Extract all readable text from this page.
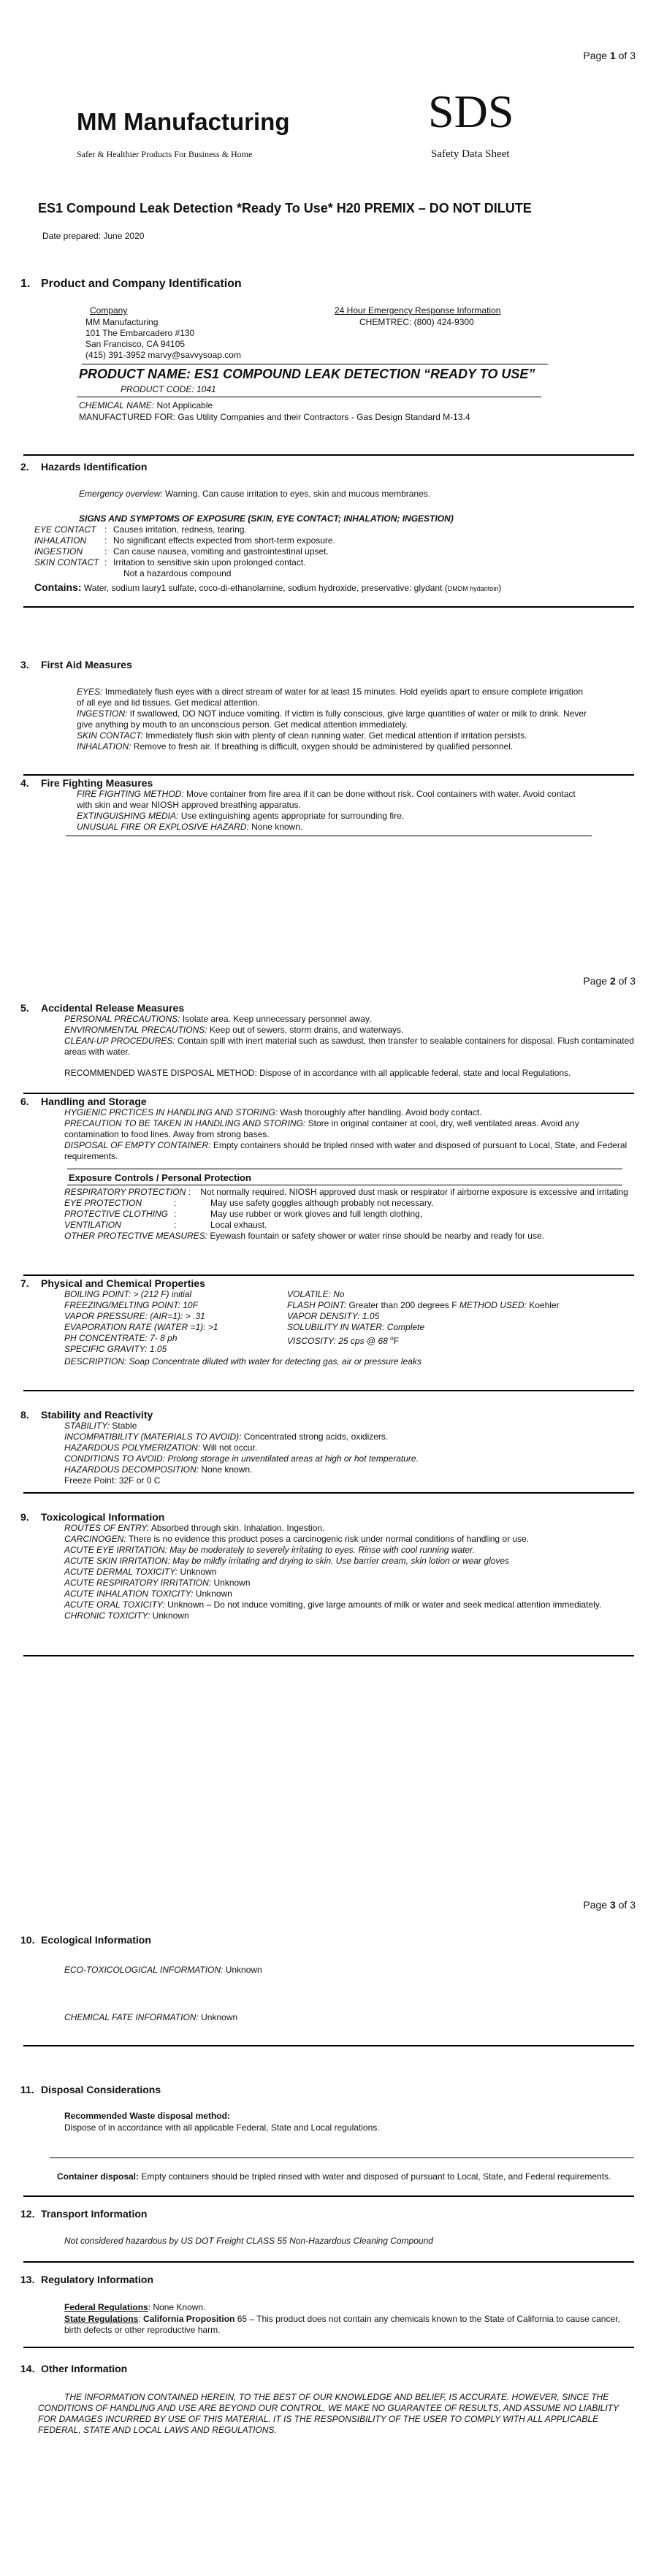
Page 1 of 3
MM Manufacturing
Safer & Healthier Products For Business & Home
SDS
Safety Data Sheet
ES1 Compound Leak Detection *Ready To Use* H20 PREMIX – DO NOT DILUTE
Date prepared: June 2020
1. Product and Company Identification
Company
MM Manufacturing
101 The Embarcadero #130
San Francisco, CA 94105
(415) 391-3952 marvy@savvysoap.com
24 Hour Emergency Response Information
CHEMTREC: (800) 424-9300
PRODUCT NAME: ES1 COMPOUND LEAK DETECTION “READY TO USE”
PRODUCT CODE: 1041
CHEMICAL NAME: Not Applicable
MANUFACTURED FOR: Gas Utility Companies and their Contractors - Gas Design Standard M-13.4
2. Hazards Identification
Emergency overview: Warning. Can cause irritation to eyes, skin and mucous membranes.
SIGNS AND SYMPTOMS OF EXPOSURE (SKIN, EYE CONTACT; INHALATION; INGESTION)
EYE CONTACT : Causes irritation, redness, tearing.
INHALATION : No significant effects expected from short-term exposure.
INGESTION : Can cause nausea, vomiting and gastrointestinal upset.
SKIN CONTACT : Irritation to sensitive skin upon prolonged contact.
Not a hazardous compound
Contains: Water, sodium laury1 sulfate, coco-di-ethanolamine, sodium hydroxide, preservative: glydant (DMDM hydantoin)
3. First Aid Measures
EYES: Immediately flush eyes with a direct stream of water for at least 15 minutes. Hold eyelids apart to ensure complete irrigation of all eye and lid tissues. Get medical attention.
INGESTION: If swallowed, DO NOT induce vomiting. If victim is fully conscious, give large quantities of water or milk to drink. Never give anything by mouth to an unconscious person. Get medical attention immediately.
SKIN CONTACT: Immediately flush skin with plenty of clean running water. Get medical attention if irritation persists.
INHALATION: Remove to fresh air. If breathing is difficult, oxygen should be administered by qualified personnel.
4. Fire Fighting Measures
FIRE FIGHTING METHOD: Move container from fire area if it can be done without risk. Cool containers with water. Avoid contact with skin and wear NIOSH approved breathing apparatus.
EXTINGUISHING MEDIA: Use extinguishing agents appropriate for surrounding fire.
UNUSUAL FIRE OR EXPLOSIVE HAZARD: None known.
Page 2 of 3
5. Accidental Release Measures
PERSONAL PRECAUTIONS: Isolate area. Keep unnecessary personnel away.
ENVIRONMENTAL PRECAUTIONS: Keep out of sewers, storm drains, and waterways.
CLEAN-UP PROCEDURES: Contain spill with inert material such as sawdust, then transfer to sealable containers for disposal. Flush contaminated areas with water.
RECOMMENDED WASTE DISPOSAL METHOD: Dispose of in accordance with all applicable federal, state and local Regulations.
6. Handling and Storage
HYGIENIC PRCTICES IN HANDLING AND STORING: Wash thoroughly after handling. Avoid body contact.
PRECAUTION TO BE TAKEN IN HANDLING AND STORING: Store in original container at cool, dry, well ventilated areas. Avoid any contamination to food lines. Away from strong bases.
DISPOSAL OF EMPTY CONTAINER: Empty containers should be tripled rinsed with water and disposed of pursuant to Local, State, and Federal requirements.
Exposure Controls / Personal Protection
RESPIRATORY PROTECTION : Not normally required. NIOSH approved dust mask or respirator if airborne exposure is excessive and irritating
EYE PROTECTION	:	May use safety goggles although probably not necessary.
PROTECTIVE CLOTHING :	May use rubber or work gloves and full length clothing,
VENTILATION	:	Local exhaust.
OTHER PROTECTIVE MEASURES: Eyewash fountain or safety shower or water rinse should be nearby and ready for use.
7. Physical and Chemical Properties
BOILING POINT: > (212 F) initial
FREEZING/MELTING POINT: 10F
VAPOR PRESSURE: (AIR=1): > .31
EVAPORATION RATE (WATER =1): >1
PH CONCENTRATE: 7- 8 ph
SPECIFIC GRAVITY: 1.05
VOLATILE: No
FLASH POINT: Greater than 200 degrees F METHOD USED: Koehler
VAPOR DENSITY: 1.05
SOLUBILITY IN WATER: Complete
VISCOSITY: 25 cps @ 68 $^o$F
DESCRIPTION: Soap Concentrate diluted with water for detecting gas, air or pressure leaks
8. Stability and Reactivity
STABILITY: Stable
INCOMPATIBILITY (MATERIALS TO AVOID): Concentrated strong acids, oxidizers.
HAZARDOUS POLYMERIZATION: Will not occur.
CONDITIONS TO AVOID: Prolong storage in unventilated areas at high or hot temperature.
HAZARDOUS DECOMPOSITION: None known.
Freeze Point: 32F or 0 C
9. Toxicological Information
ROUTES OF ENTRY: Absorbed through skin. Inhalation. Ingestion.
CARCINOGEN: There is no evidence this product poses a carcinogenic risk under normal conditions of handling or use.
ACUTE EYE IRRITATION: May be moderately to severely irritating to eyes. Rinse with cool running water.
ACUTE SKIN IRRITATION: May be mildly irritating and drying to skin. Use barrier cream, skin lotion or wear gloves
ACUTE DERMAL TOXICITY: Unknown
ACUTE RESPIRATORY IRRITATION: Unknown
ACUTE INHALATION TOXICITY: Unknown
ACUTE ORAL TOXICITY: Unknown – Do not induce vomiting, give large amounts of milk or water and seek medical attention immediately.
CHRONIC TOXICITY: Unknown
Page 3 of 3
10. Ecological Information
ECO-TOXICOLOGICAL INFORMATION: Unknown
CHEMICAL FATE INFORMATION: Unknown
11. Disposal Considerations
Recommended Waste disposal method:
Dispose of in accordance with all applicable Federal, State and Local regulations.
Container disposal: Empty containers should be tripled rinsed with water and disposed of pursuant to Local, State, and Federal requirements.
12. Transport Information
Not considered hazardous by US DOT Freight CLASS 55 Non-Hazardous Cleaning Compound
13. Regulatory Information
Federal Regulations: None Known.
State Regulations: California Proposition 65 – This product does not contain any chemicals known to the State of California to cause cancer, birth defects or other reproductive harm.
14. Other Information
THE INFORMATION CONTAINED HEREIN, TO THE BEST OF OUR KNOWLEDGE AND BELIEF, IS ACCURATE. HOWEVER, SINCE THE CONDITIONS OF HANDLING AND USE ARE BEYOND OUR CONTROL, WE MAKE NO GUARANTEE OF RESULTS, AND ASSUME NO LIABILITY FOR DAMAGES INCURRED BY USE OF THIS MATERIAL. IT IS THE RESPONSIBILITY OF THE USER TO COMPLY WITH ALL APPLICABLE FEDERAL, STATE AND LOCAL LAWS AND REGULATIONS.
